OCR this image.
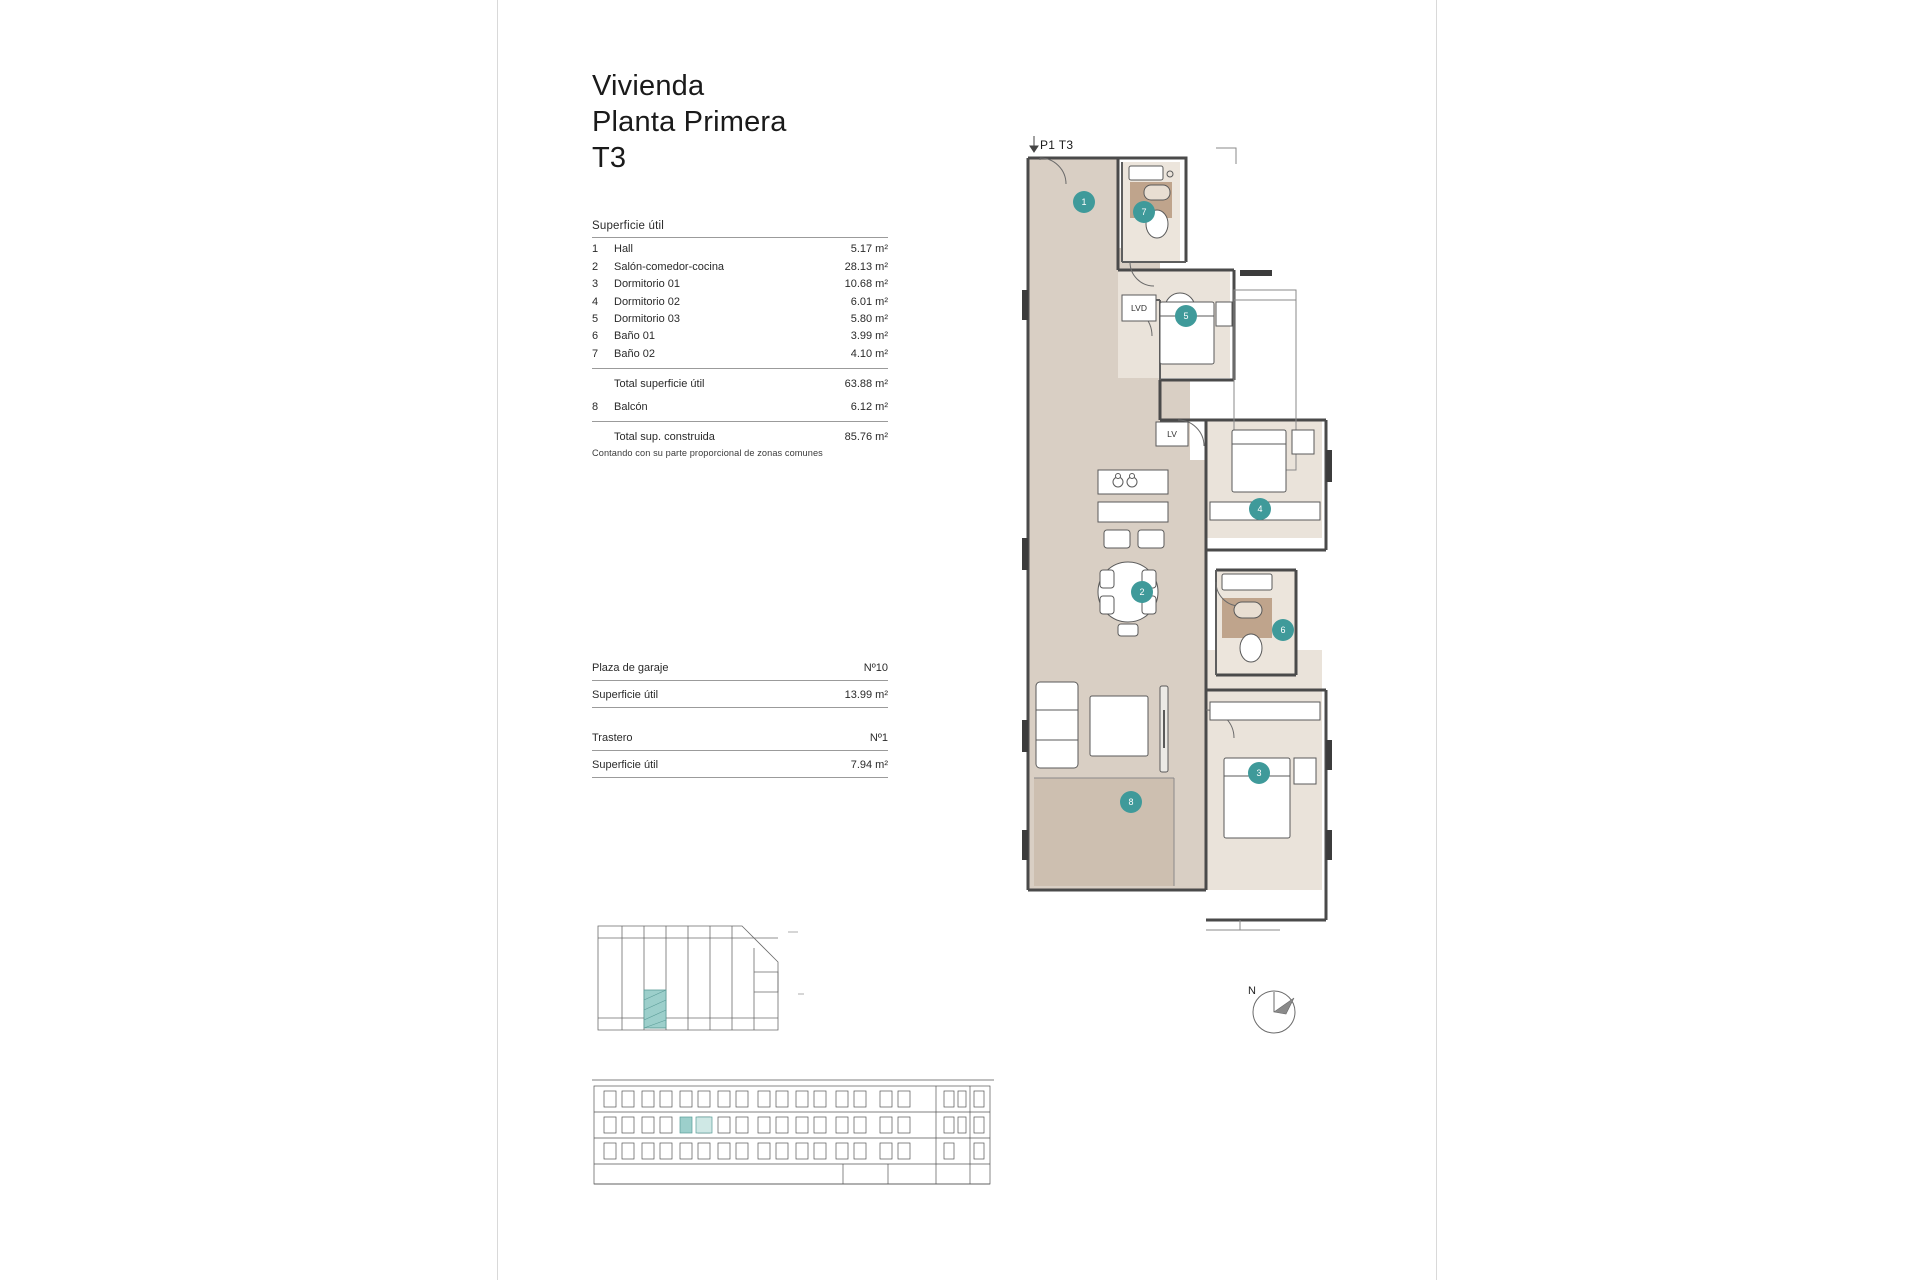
Vivienda
Planta Primera
T3
Superficie útil
1	Hall	5.17 m²
2	Salón-comedor-cocina	28.13 m²
3	Dormitorio 01	10.68 m²
4	Dormitorio 02	6.01 m²
5	Dormitorio 03	5.80 m²
6	Baño 01	3.99 m²
7	Baño 02	4.10 m²
Total superficie útil	63.88 m²
8	Balcón	6.12 m²
Total sup. construida	85.76 m²
Contando con su parte proporcional de zonas comunes
Plaza de garaje	Nº10
Superficie útil	13.99 m²
Trastero	Nº1
Superficie útil	7.94 m²
P1 T3
LVD
LV
1
7
5
4
2
6
3
8
N
